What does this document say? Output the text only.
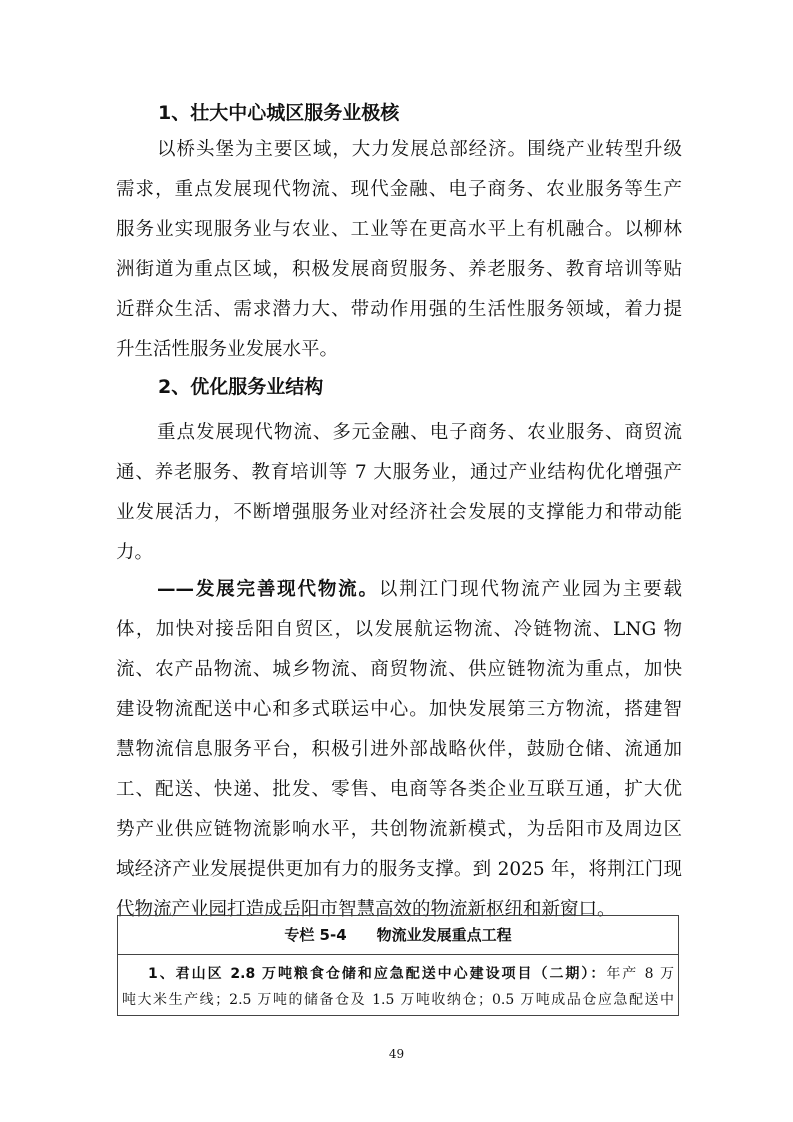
1、壮大中心城区服务业极核
以桥头堡为主要区域，大力发展总部经济。围绕产业转型升级
需求，重点发展现代物流、现代金融、电子商务、农业服务等生产
服务业实现服务业与农业、工业等在更高水平上有机融合。以柳林
洲街道为重点区域，积极发展商贸服务、养老服务、教育培训等贴
近群众生活、需求潜力大、带动作用强的生活性服务领域，着力提
升生活性服务业发展水平。
2、优化服务业结构
重点发展现代物流、多元金融、电子商务、农业服务、商贸流
通、养老服务、教育培训等 7 大服务业，通过产业结构优化增强产
业发展活力，不断增强服务业对经济社会发展的支撑能力和带动能
力。
——发展完善现代物流。以荆江门现代物流产业园为主要载
体，加快对接岳阳自贸区，以发展航运物流、冷链物流、LNG 物
流、农产品物流、城乡物流、商贸物流、供应链物流为重点，加快
建设物流配送中心和多式联运中心。加快发展第三方物流，搭建智
慧物流信息服务平台，积极引进外部战略伙伴，鼓励仓储、流通加
工、配送、快递、批发、零售、电商等各类企业互联互通，扩大优
势产业供应链物流影响水平，共创物流新模式，为岳阳市及周边区
域经济产业发展提供更加有力的服务支撑。到 2025 年，将荆江门现
代物流产业园打造成岳阳市智慧高效的物流新枢纽和新窗口。
专栏 5-4　　物流业发展重点工程
1、君山区 2.8 万吨粮食仓储和应急配送中心建设项目（二期）：年产 8 万
吨大米生产线；2.5 万吨的储备仓及 1.5 万吨收纳仓；0.5 万吨成品仓应急配送中
49
